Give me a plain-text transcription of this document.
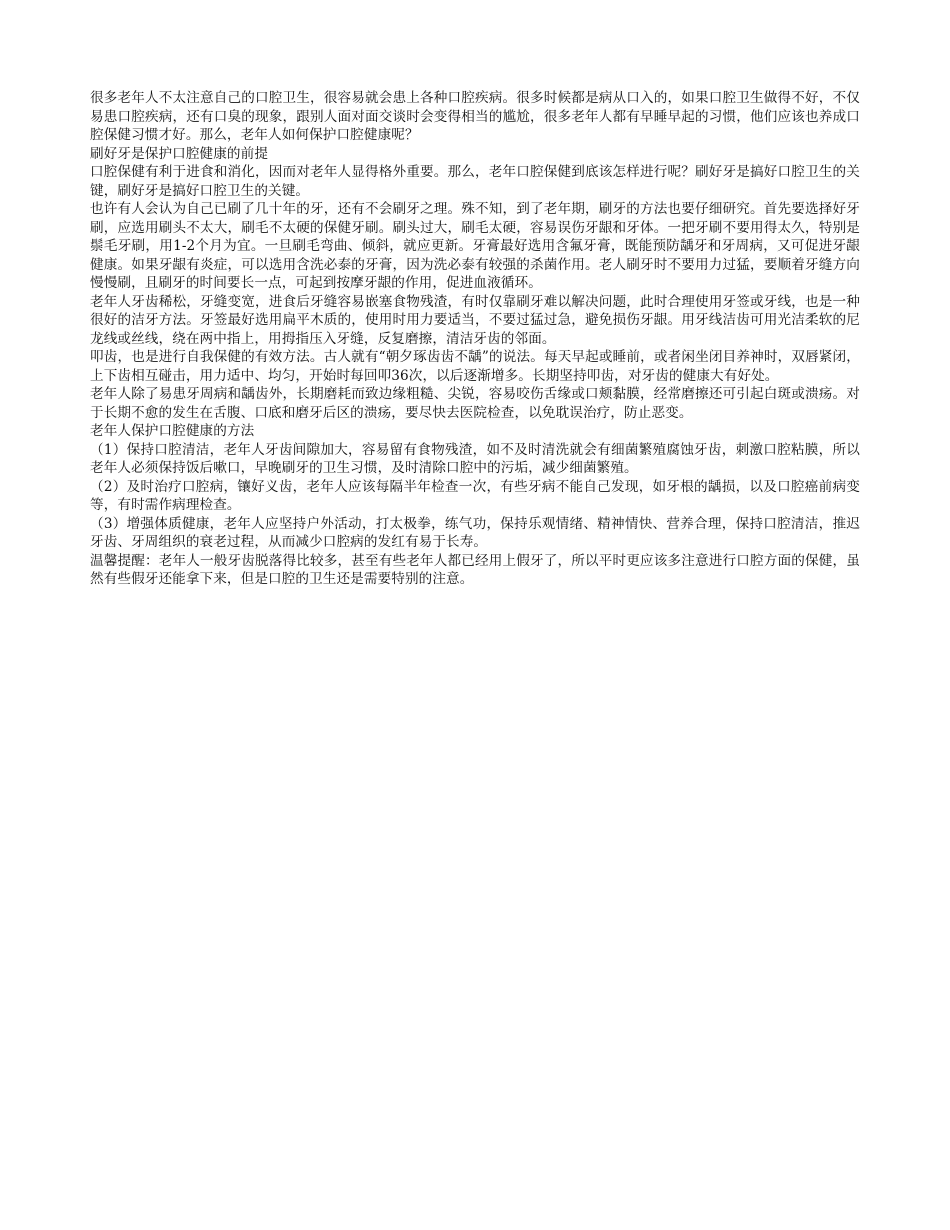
很多老年人不太注意自己的口腔卫生，很容易就会患上各种口腔疾病。很多时候都是病从口入的，如果口腔卫生做得不好，不仅易患口腔疾病，还有口臭的现象，跟别人面对面交谈时会变得相当的尴尬，很多老年人都有早睡早起的习惯，他们应该也养成口腔保健习惯才好。那么，老年人如何保护口腔健康呢？

刷好牙是保护口腔健康的前提

口腔保健有利于进食和消化，因而对老年人显得格外重要。那么，老年口腔保健到底该怎样进行呢？刷好牙是搞好口腔卫生的关键，刷好牙是搞好口腔卫生的关键。

也许有人会认为自己已刷了几十年的牙，还有不会刷牙之理。殊不知，到了老年期，刷牙的方法也要仔细研究。首先要选择好牙刷，应选用刷头不太大，刷毛不太硬的保健牙刷。刷头过大，刷毛太硬，容易误伤牙龈和牙体。一把牙刷不要用得太久，特别是鬃毛牙刷，用1-2个月为宜。一旦刷毛弯曲、倾斜，就应更新。牙膏最好选用含氟牙膏，既能预防龋牙和牙周病，又可促进牙龈健康。如果牙龈有炎症，可以选用含洗必泰的牙膏，因为洗必泰有较强的杀菌作用。老人刷牙时不要用力过猛，要顺着牙缝方向慢慢刷，且刷牙的时间要长一点，可起到按摩牙龈的作用，促进血液循环。

老年人牙齿稀松，牙缝变宽，进食后牙缝容易嵌塞食物残渣，有时仅靠刷牙难以解决问题，此时合理使用牙签或牙线，也是一种很好的洁牙方法。牙签最好选用扁平木质的，使用时用力要适当，不要过猛过急，避免损伤牙龈。用牙线洁齿可用光洁柔软的尼龙线或丝线，绕在两中指上，用拇指压入牙缝，反复磨擦，清洁牙齿的邻面。

叩齿，也是进行自我保健的有效方法。古人就有“朝夕琢齿齿不龋”的说法。每天早起或睡前，或者闲坐闭目养神时，双唇紧闭，上下齿相互碰击，用力适中、均匀，开始时每回叩36次，以后逐渐增多。长期坚持叩齿，对牙齿的健康大有好处。

老年人除了易患牙周病和龋齿外，长期磨耗而致边缘粗糙、尖锐，容易咬伤舌缘或口颊黏膜，经常磨擦还可引起白斑或溃疡。对于长期不愈的发生在舌腹、口底和磨牙后区的溃疡，要尽快去医院检查，以免耽误治疗，防止恶变。

老年人保护口腔健康的方法

（1）保持口腔清洁，老年人牙齿间隙加大，容易留有食物残渣，如不及时清洗就会有细菌繁殖腐蚀牙齿，刺激口腔粘膜，所以老年人必须保持饭后嗽口，早晚刷牙的卫生习惯，及时清除口腔中的污垢，减少细菌繁殖。

（2）及时治疗口腔病，镶好义齿，老年人应该每隔半年检查一次，有些牙病不能自己发现，如牙根的龋损，以及口腔癌前病变等，有时需作病理检查。

（3）增强体质健康，老年人应坚持户外活动，打太极拳，练气功，保持乐观情绪、精神情快、营养合理，保持口腔清洁，推迟牙齿、牙周组织的衰老过程，从而减少口腔病的发红有易于长寿。

温馨提醒：老年人一般牙齿脱落得比较多，甚至有些老年人都已经用上假牙了，所以平时更应该多注意进行口腔方面的保健，虽然有些假牙还能拿下来，但是口腔的卫生还是需要特别的注意。
